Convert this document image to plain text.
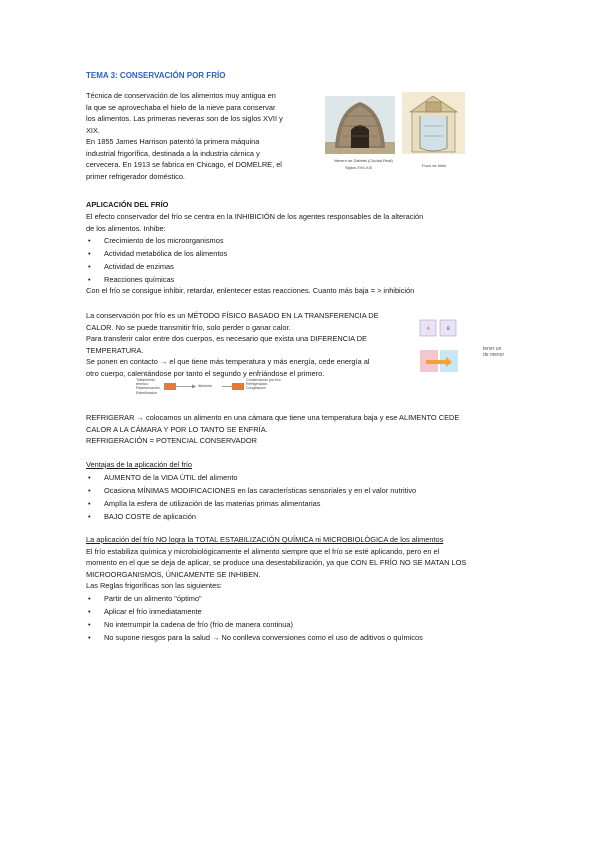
TEMA 3: CONSERVACIÓN POR FRÍO
Técnica de conservación de los alimentos muy antigua en
la que se aprovechaba el hielo de la nieve para conservar
los alimentos. Las primeras neveras son de los siglos XVII y
XIX.
En 1855 James Harrison patentó la primera máquina
industrial frigorífica, destinada a la industria cárnica y
cervecera. En 1913 se fabrica en Chicago, el DOMELRE, el
primer refrigerador doméstico.
Nevero de Daimiel (Ciudad Real)
Siglos XVII-XIX	Pozo de hielo
APLICACIÓN DEL FRÍO
El efecto conservador del frío se centra en la INHIBICIÓN de los agentes responsables de la alteración
de los alimentos. Inhibe:
• Crecimiento de los microorganismos
• Actividad metabólica de los alimentos
• Actividad de enzimas
• Reacciones químicas
Con el frío se consigue inhibir, retardar, enlentecer estas reacciones. Cuanto más baja = > inhibición
La conservación por frío es un MÉTODO FÍSICO BASADO EN LA TRANSFERENCIA DE
CALOR. No se puede transmitir frío, solo perder o ganar calor.
Para transferir calor entre dos cuerpos, es necesario que exista una DIFERENCIA DE
TEMPERATURA.
Se ponen en contacto → el que tiene más temperatura y más energía, cede energía al
otro cuerpo, calentándose por tanto el segundo y enfriándose el primero.
A	B
tener un de menor
Tratamiento térmico: Pasteurización, Esterilización
Alimento
Conservación por frío: Refrigeración, Congelación
REFRIGERAR → colocamos un alimento en una cámara que tiene una temperatura baja y ese ALIMENTO CEDE
CALOR A LA CÁMARA Y POR LO TANTO SE ENFRÍA.
REFRIGERACIÓN = POTENCIAL CONSERVADOR
Ventajas de la aplicación del frío
• AUMENTO de la VIDA ÚTIL del alimento
• Ocasiona MÍNIMAS MODIFICACIONES en las características sensoriales y en el valor nutritivo
• Amplía la esfera de utilización de las materias primas alimentarias
• BAJO COSTE de aplicación
La aplicación del frío NO logra la TOTAL ESTABILIZACIÓN QUÍMICA ni MICROBIOLÓGICA de los alimentos
El frío estabiliza química y microbiológicamente el alimento siempre que el frío se esté aplicando, pero en el
momento en el que se deja de aplicar, se produce una desestabilización, ya que CON EL FRÍO NO SE MATAN LOS
MICROORGANISMOS, ÚNICAMENTE SE INHIBEN.
Las Reglas frigoríficas son las siguientes:
• Partir de un alimento "óptimo"
• Aplicar el frío inmediatamente
• No interrumpir la cadena de frío (frío de manera continua)
• No supone riesgos para la salud → No conlleva conversiones como el uso de aditivos o químicos
